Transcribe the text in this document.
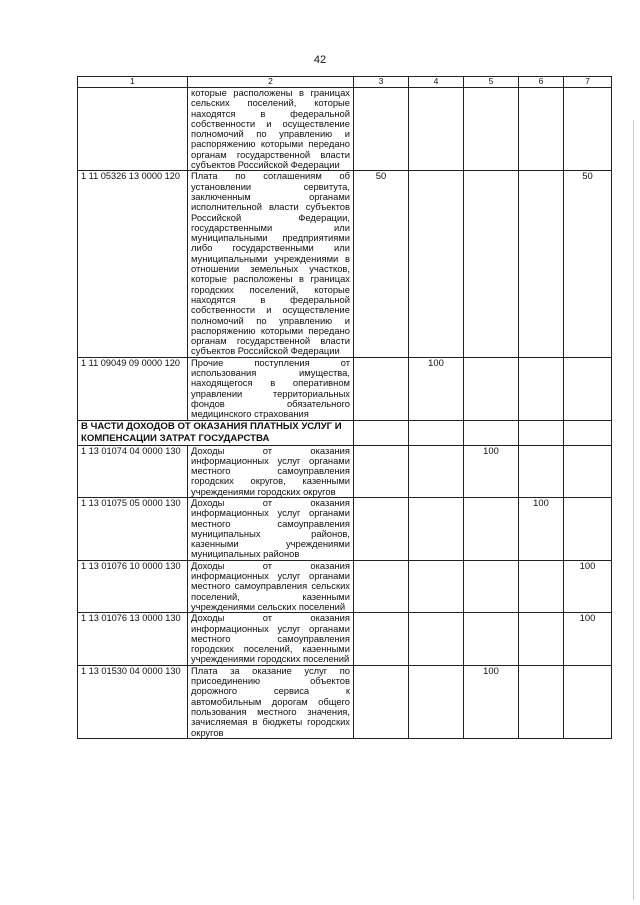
42
1	2	3	4	5	6	7
	которые расположены в границах сельских поселений, которые находятся в федеральной собственности и осуществление полномочий по управлению и распоряжению которыми передано органам государственной власти субъектов Российской Федерации					
1 11 05326 13 0000 120	Плата по соглашениям об установлении сервитута, заключенным органами исполнительной власти субъектов Российской Федерации, государственными или муниципальными предприятиями либо государственными или муниципальными учреждениями в отношении земельных участков, которые расположены в границах городских поселений, которые находятся в федеральной собственности и осуществление полномочий по управлению и распоряжению которыми передано органам государственной власти субъектов Российской Федерации	50				50
1 11 09049 09 0000 120	Прочие поступления от использования имущества, находящегося в оперативном управлении территориальных фондов обязательного медицинского страхования		100			
В ЧАСТИ ДОХОДОВ ОТ ОКАЗАНИЯ ПЛАТНЫХ УСЛУГ И КОМПЕНСАЦИИ ЗАТРАТ ГОСУДАРСТВА						
1 13 01074 04 0000 130	Доходы от оказания информационных услуг органами местного самоуправления городских округов, казенными учреждениями городских округов			100		
1 13 01075 05 0000 130	Доходы от оказания информационных услуг органами местного самоуправления муниципальных районов, казенными учреждениями муниципальных районов				100	
1 13 01076 10 0000 130	Доходы от оказания информационных услуг органами местного самоуправления сельских поселений, казенными учреждениями сельских поселений					100
1 13 01076 13 0000 130	Доходы от оказания информационных услуг органами местного самоуправления городских поселений, казенными учреждениями городских поселений					100
1 13 01530 04 0000 130	Плата за оказание услуг по присоединению объектов дорожного сервиса к автомобильным дорогам общего пользования местного значения, зачисляемая в бюджеты городских округов			100		
